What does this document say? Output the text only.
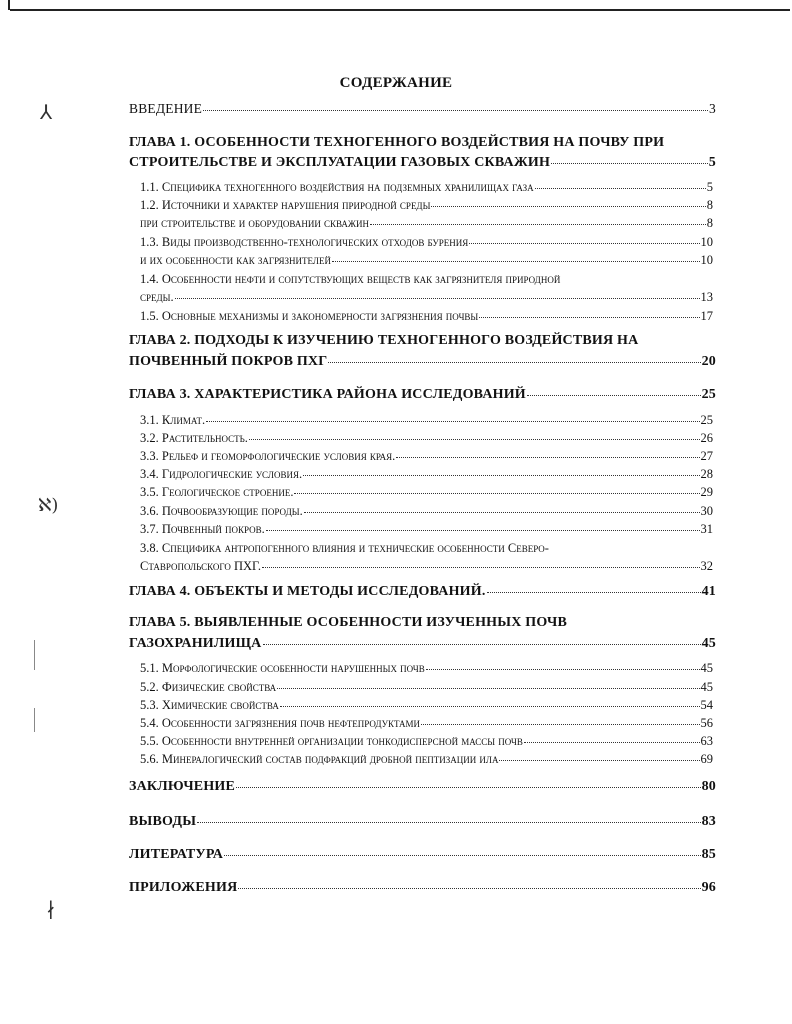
СОДЕРЖАНИЕ
⅄
ℵ)
∤
ВВЕДЕНИЕ	3
ГЛАВА 1. ОСОБЕННОСТИ ТЕХНОГЕННОГО ВОЗДЕЙСТВИЯ НА ПОЧВУ ПРИ
СТРОИТЕЛЬСТВЕ И ЭКСПЛУАТАЦИИ ГАЗОВЫХ СКВАЖИН	5
1.1. Специфика техногенного воздействия на подземных хранилищах газа	5
1.2. Источники и характер нарушения природной среды	8
при строительстве и оборудовании скважин	8
1.3. Виды производственно-технологических отходов бурения	10
и их особенности как загрязнителей	10
1.4. Особенности нефти и сопутствующих веществ как загрязнителя природной
среды.	13
1.5. Основные механизмы и закономерности загрязнения почвы	17
ГЛАВА 2. ПОДХОДЫ К ИЗУЧЕНИЮ ТЕХНОГЕННОГО ВОЗДЕЙСТВИЯ НА
ПОЧВЕННЫЙ ПОКРОВ ПХГ	20
ГЛАВА 3. ХАРАКТЕРИСТИКА РАЙОНА ИССЛЕДОВАНИЙ	25
3.1. Климат.	25
3.2. Растительность.	26
3.3. Рельеф и геоморфологические условия края.	27
3.4. Гидрологические условия.	28
3.5. Геологическое строение.	29
3.6. Почвообразующие породы.	30
3.7. Почвенный покров.	31
3.8. Специфика антропогенного влияния и технические особенности Северо-
Ставропольского ПХГ.	32
ГЛАВА 4. ОБЪЕКТЫ И МЕТОДЫ ИССЛЕДОВАНИЙ.	41
ГЛАВА 5. ВЫЯВЛЕННЫЕ ОСОБЕННОСТИ ИЗУЧЕННЫХ ПОЧВ
ГАЗОХРАНИЛИЩА	45
5.1. Морфологические особенности нарушенных почв	45
5.2. Физические свойства	45
5.3. Химические свойства	54
5.4. Особенности загрязнения почв нефтепродуктами	56
5.5. Особенности внутренней организации тонкодисперсной массы почв	63
5.6. Минералогический состав подфракций дробной пептизации ила	69
ЗАКЛЮЧЕНИЕ	80
ВЫВОДЫ	83
ЛИТЕРАТУРА	85
ПРИЛОЖЕНИЯ	96
